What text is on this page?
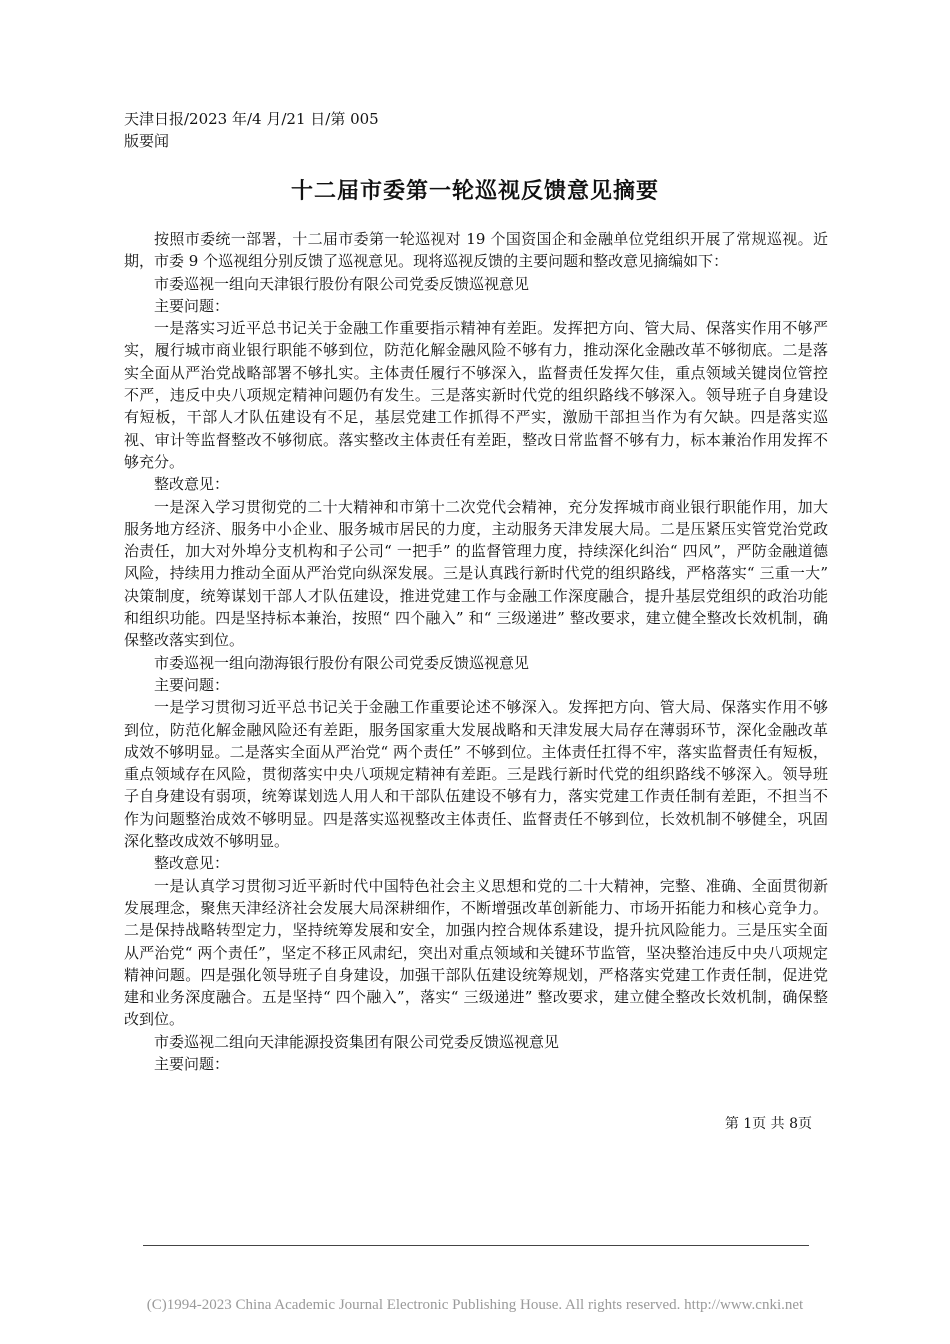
天津日报/2023 年/4 月/21 日/第 005
版要闻
十二届市委第一轮巡视反馈意见摘要

按照市委统一部署，十二届市委第一轮巡视对 19 个国资国企和金融单位党组织开展了常规巡视。近期，市委 9 个巡视组分别反馈了巡视意见。现将巡视反馈的主要问题和整改意见摘编如下：

市委巡视一组向天津银行股份有限公司党委反馈巡视意见

主要问题：

一是落实习近平总书记关于金融工作重要指示精神有差距。发挥把方向、管大局、保落实作用不够严实，履行城市商业银行职能不够到位，防范化解金融风险不够有力，推动深化金融改革不够彻底。二是落实全面从严治党战略部署不够扎实。主体责任履行不够深入，监督责任发挥欠佳，重点领域关键岗位管控不严，违反中央八项规定精神问题仍有发生。三是落实新时代党的组织路线不够深入。领导班子自身建设有短板，干部人才队伍建设有不足，基层党建工作抓得不严实，激励干部担当作为有欠缺。四是落实巡视、审计等监督整改不够彻底。落实整改主体责任有差距，整改日常监督不够有力，标本兼治作用发挥不够充分。

整改意见：

一是深入学习贯彻党的二十大精神和市第十二次党代会精神，充分发挥城市商业银行职能作用，加大服务地方经济、服务中小企业、服务城市居民的力度，主动服务天津发展大局。二是压紧压实管党治党政治责任，加大对外埠分支机构和子公司“ 一把手” 的监督管理力度，持续深化纠治“ 四风”，严防金融道德风险，持续用力推动全面从严治党向纵深发展。三是认真践行新时代党的组织路线，严格落实“ 三重一大” 决策制度，统筹谋划干部人才队伍建设，推进党建工作与金融工作深度融合，提升基层党组织的政治功能和组织功能。四是坚持标本兼治，按照“ 四个融入” 和“ 三级递进” 整改要求，建立健全整改长效机制，确保整改落实到位。

市委巡视一组向渤海银行股份有限公司党委反馈巡视意见

主要问题：

一是学习贯彻习近平总书记关于金融工作重要论述不够深入。发挥把方向、管大局、保落实作用不够到位，防范化解金融风险还有差距，服务国家重大发展战略和天津发展大局存在薄弱环节，深化金融改革成效不够明显。二是落实全面从严治党“ 两个责任” 不够到位。主体责任扛得不牢，落实监督责任有短板，重点领域存在风险，贯彻落实中央八项规定精神有差距。三是践行新时代党的组织路线不够深入。领导班子自身建设有弱项，统筹谋划选人用人和干部队伍建设不够有力，落实党建工作责任制有差距，不担当不作为问题整治成效不够明显。四是落实巡视整改主体责任、监督责任不够到位，长效机制不够健全，巩固深化整改成效不够明显。

整改意见：

一是认真学习贯彻习近平新时代中国特色社会主义思想和党的二十大精神，完整、准确、全面贯彻新发展理念，聚焦天津经济社会发展大局深耕细作，不断增强改革创新能力、市场开拓能力和核心竞争力。二是保持战略转型定力，坚持统筹发展和安全，加强内控合规体系建设，提升抗风险能力。三是压实全面从严治党“ 两个责任”，坚定不移正风肃纪，突出对重点领域和关键环节监管，坚决整治违反中央八项规定精神问题。四是强化领导班子自身建设，加强干部队伍建设统筹规划，严格落实党建工作责任制，促进党建和业务深度融合。五是坚持“ 四个融入”，落实“ 三级递进” 整改要求，建立健全整改长效机制，确保整改到位。

市委巡视二组向天津能源投资集团有限公司党委反馈巡视意见

主要问题：

第 1页 共 8页
(C)1994-2023 China Academic Journal Electronic Publishing House. All rights reserved. http://www.cnki.net
